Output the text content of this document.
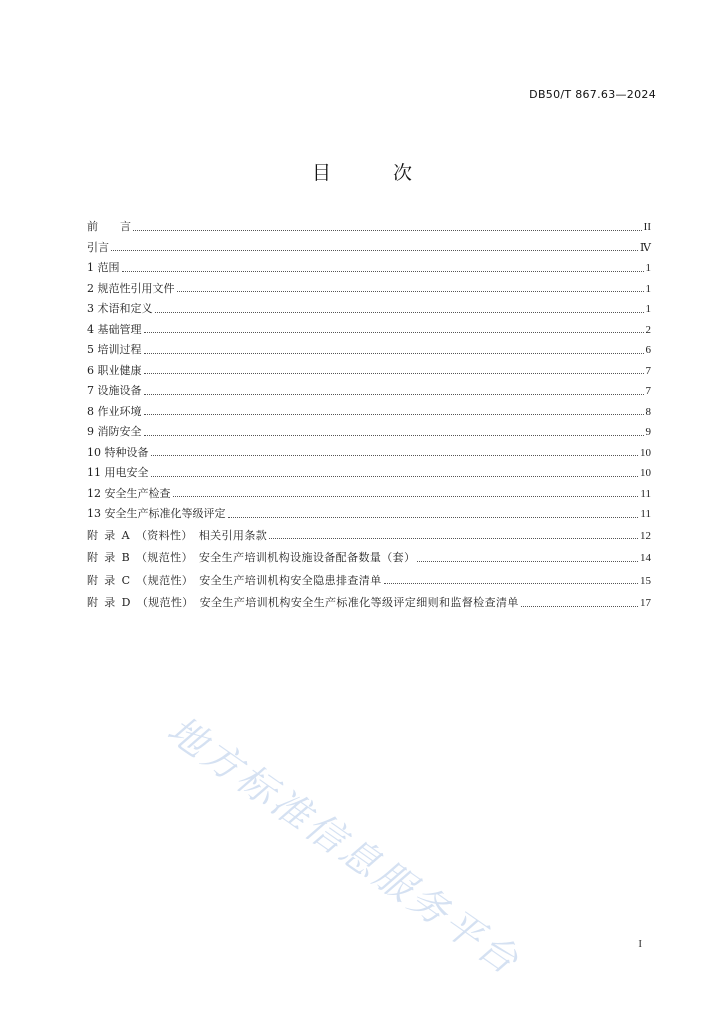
DB50/T 867.63—2024
目 次
前　　言	II
引言	Ⅳ
1 范围	1
2 规范性引用文件	1
3 术语和定义	1
4 基础管理	2
5 培训过程	6
6 职业健康	7
7 设施设备	7
8 作业环境	8
9 消防安全	9
10 特种设备	10
11 用电安全	10
12 安全生产检查	11
13 安全生产标准化等级评定	11
附 录 A （资料性） 相关引用条款	12
附 录 B （规范性） 安全生产培训机构设施设备配备数量（套）	14
附 录 C （规范性） 安全生产培训机构安全隐患排查清单	15
附 录 D （规范性） 安全生产培训机构安全生产标准化等级评定细则和监督检查清单	17
地方标准信息服务平台	I
